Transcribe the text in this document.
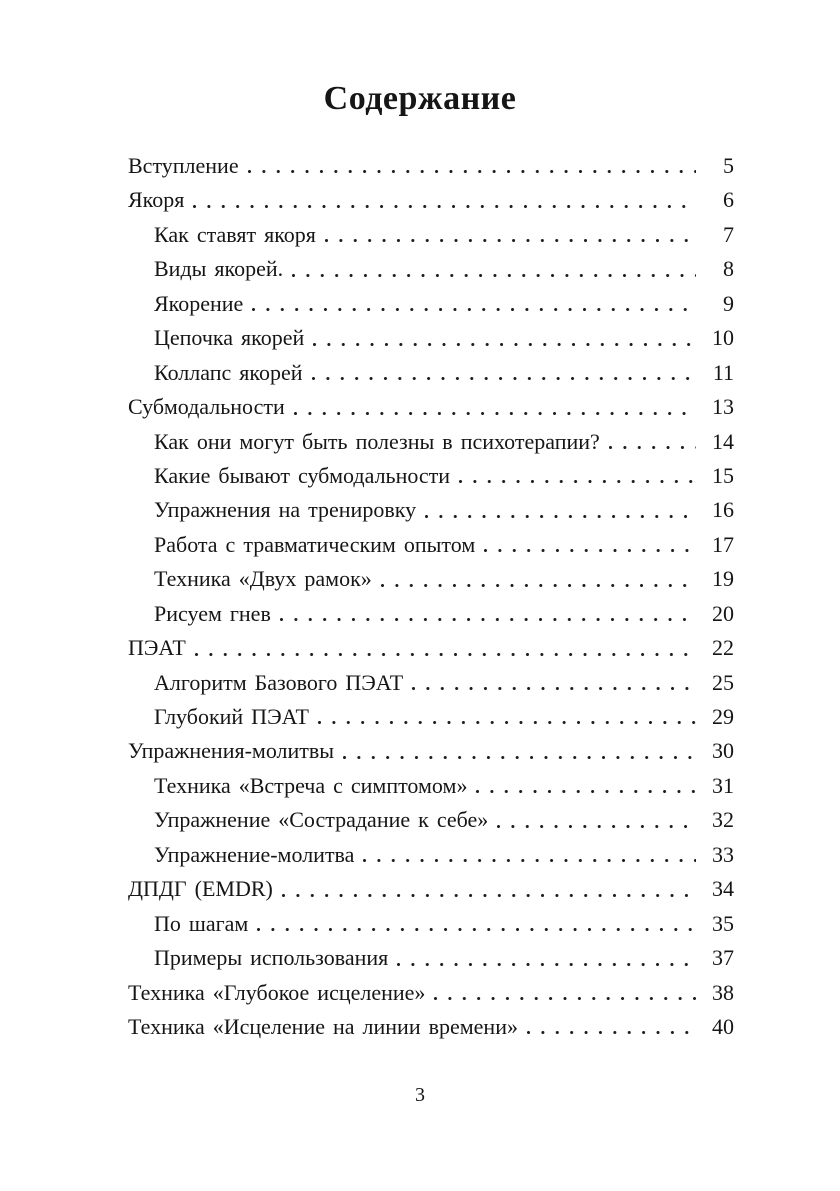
Содержание
Вступление	5
Якоря	6
Как ставят якоря	7
Виды якорей.	8
Якорение	9
Цепочка якорей	10
Коллапс якорей	11
Субмодальности	13
Как они могут быть полезны в психотерапии?	14
Какие бывают субмодальности	15
Упражнения на тренировку	16
Работа с травматическим опытом	17
Техника «Двух рамок»	19
Рисуем гнев	20
ПЭАТ	22
Алгоритм Базового ПЭАТ	25
Глубокий ПЭАТ	29
Упражнения-молитвы	30
Техника «Встреча с симптомом»	31
Упражнение «Сострадание к себе»	32
Упражнение-молитва	33
ДПДГ (EMDR)	34
По шагам	35
Примеры использования	37
Техника «Глубокое исцеление»	38
Техника «Исцеление на линии времени»	40
3
